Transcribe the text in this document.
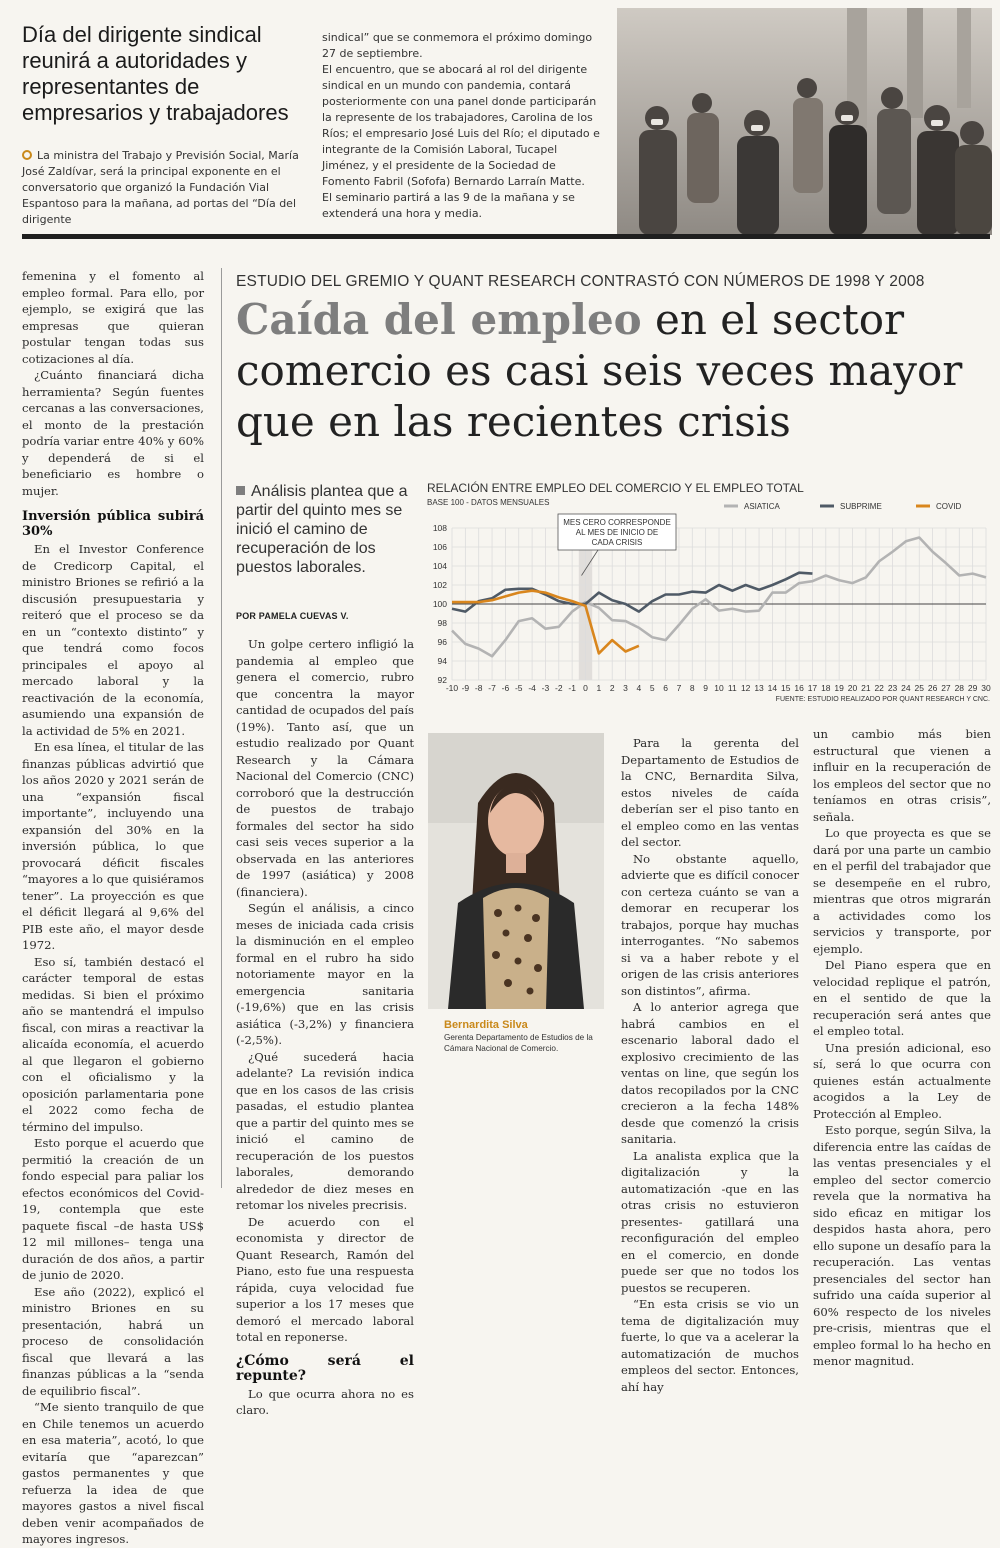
Día del dirigente sindical reunirá a autoridades y representantes de empresarios y trabajadores
La ministra del Trabajo y Previsión Social, María José Zaldívar, será la principal exponente en el conversatorio que organizó la Fundación Vial Espantoso para la mañana, ad portas del “Día del dirigente

sindical” que se conmemora el próximo domingo 27 de septiembre.

El encuentro, que se abocará al rol del dirigente sindical en un mundo con pandemia, contará posteriormente con una panel donde participarán la represente de los trabajadores, Carolina de los Ríos; el empresario José Luis del Río; el diputado e integrante de la Comisión Laboral, Tucapel Jiménez, y el presidente de la Sociedad de Fomento Fabril (Sofofa) Bernardo Larraín Matte.

El seminario partirá a las 9 de la mañana y se extenderá una hora y media.

femenina y el fomento al empleo formal. Para ello, por ejemplo, se exigirá que las empresas que quieran postular tengan todas sus cotizaciones al día.

¿Cuánto financiará dicha herramienta? Según fuentes cercanas a las conversaciones, el monto de la prestación podría variar entre 40% y 60% y dependerá de si el beneficiario es hombre o mujer.

Inversión pública subirá 30%

En el Investor Conference de Credicorp Capital, el ministro Briones se refirió a la discusión presupuestaria y reiteró que el proceso se da en un “contexto distinto” y que tendrá como focos principales el apoyo al mercado laboral y la reactivación de la economía, asumiendo una expansión de la actividad de 5% en 2021.

En esa línea, el titular de las finanzas públicas advirtió que los años 2020 y 2021 serán de una “expansión fiscal importante”, incluyendo una expansión del 30% en la inversión pública, lo que provocará déficit fiscales “mayores a lo que quisiéramos tener”. La proyección es que el déficit llegará al 9,6% del PIB este año, el mayor desde 1972.

Eso sí, también destacó el carácter temporal de estas medidas. Si bien el próximo año se mantendrá el impulso fiscal, con miras a reactivar la alicaída economía, el acuerdo al que llegaron el gobierno con el oficialismo y la oposición parlamentaria pone el 2022 como fecha de término del impulso.

Esto porque el acuerdo que permitió la creación de un fondo especial para paliar los efectos económicos del Covid-19, contempla que este paquete fiscal –de hasta US$ 12 mil millones– tenga una duración de dos años, a partir de junio de 2020.

Ese año (2022), explicó el ministro Briones en su presentación, habrá un proceso de consolidación fiscal que llevará a las finanzas públicas a la “senda de equilibrio fiscal”.

“Me siento tranquilo de que en Chile tenemos un acuerdo en esa materia”, acotó, lo que evitaría que “aparezcan” gastos permanentes y que refuerza la idea de que mayores gastos a nivel fiscal deben venir acompañados de mayores ingresos.

ESTUDIO DEL GREMIO Y QUANT RESEARCH CONTRASTÓ CON NÚMEROS DE 1998 Y 2008
Caída del empleo en el sector comercio es casi seis veces mayor que en las recientes crisis
Análisis plantea que a partir del quinto mes se inició el camino de recuperación de los puestos laborales.
POR PAMELA CUEVAS V.

Un golpe certero infligió la pandemia al empleo que genera el comercio, rubro que concentra la mayor cantidad de ocupados del país (19%). Tanto así, que un estudio realizado por Quant Research y la Cámara Nacional del Comercio (CNC) corroboró que la destrucción de puestos de trabajo formales del sector ha sido casi seis veces superior a la observada en las anteriores de 1997 (asiática) y 2008 (financiera).

Según el análisis, a cinco meses de iniciada cada crisis la disminución en el empleo formal en el rubro ha sido notoriamente mayor en la emergencia sanitaria (-19,6%) que en las crisis asiática (-3,2%) y financiera (-2,5%).

¿Qué sucederá hacia adelante? La revisión indica que en los casos de las crisis pasadas, el estudio plantea que a partir del quinto mes se inició el camino de recuperación de los puestos laborales, demorando alrededor de diez meses en retomar los niveles precrisis.

De acuerdo con el economista y director de Quant Research, Ramón del Piano, esto fue una respuesta rápida, cuya velocidad fue superior a los 17 meses que demoró el mercado laboral total en reponerse.

¿Cómo será el repunte?

Lo que ocurra ahora no es claro.

RELACIÓN ENTRE EMPLEO DEL COMERCIO Y EL EMPLEO TOTAL
BASE 100 - DATOS MENSUALES
92
94
96
98
100
102
104
106
108
-10 -9 -8 -7 -6 -5 -4 -3 -2 -1 0 1 2 3 4 5 6 7 8 9 10 11 12 13 14 15 16 17 18 19 20 21 22 23 24 25 26 27 28 29 30
ASIATICA	SUBPRIME	COVID
MES CERO CORRESPONDE AL MES DE INICIO DE CADA CRISIS
FUENTE: ESTUDIO REALIZADO POR QUANT RESEARCH Y CNC.
Bernardita Silva
Gerenta Departamento de Estudios de la Cámara Nacional de Comercio.

Para la gerenta del Departamento de Estudios de la CNC, Bernardita Silva, estos niveles de caída deberían ser el piso tanto en el empleo como en las ventas del sector.

No obstante aquello, advierte que es difícil conocer con certeza cuánto se van a demorar en recuperar los trabajos, porque hay muchas interrogantes. “No sabemos si va a haber rebote y el origen de las crisis anteriores son distintos”, afirma.

A lo anterior agrega que habrá cambios en el escenario laboral dado el explosivo crecimiento de las ventas on line, que según los datos recopilados por la CNC crecieron a la fecha 148% desde que comenzó la crisis sanitaria.

La analista explica que la digitalización y la automatización -que en las otras crisis no estuvieron presentes- gatillará una reconfiguración del empleo en el comercio, en donde puede ser que no todos los puestos se recuperen.

“En esta crisis se vio un tema de digitalización muy fuerte, lo que va a acelerar la automatización de muchos empleos del sector. Entonces, ahí hay

un cambio más bien estructural que vienen a influir en la recuperación de los empleos del sector que no teníamos en otras crisis”, señala.

Lo que proyecta es que se dará por una parte un cambio en el perfil del trabajador que se desempeñe en el rubro, mientras que otros migrarán a actividades como los servicios y transporte, por ejemplo.

Del Piano espera que en velocidad replique el patrón, en el sentido de que la recuperación será antes que el empleo total.

Una presión adicional, eso sí, será lo que ocurra con quienes están actualmente acogidos a la Ley de Protección al Empleo.

Esto porque, según Silva, la diferencia entre las caídas de las ventas presenciales y el empleo del sector comercio revela que la normativa ha sido eficaz en mitigar los despidos hasta ahora, pero ello supone un desafío para la recuperación. Las ventas presenciales del sector han sufrido una caída superior al 60% respecto de los niveles pre-crisis, mientras que el empleo formal lo ha hecho en menor magnitud.
